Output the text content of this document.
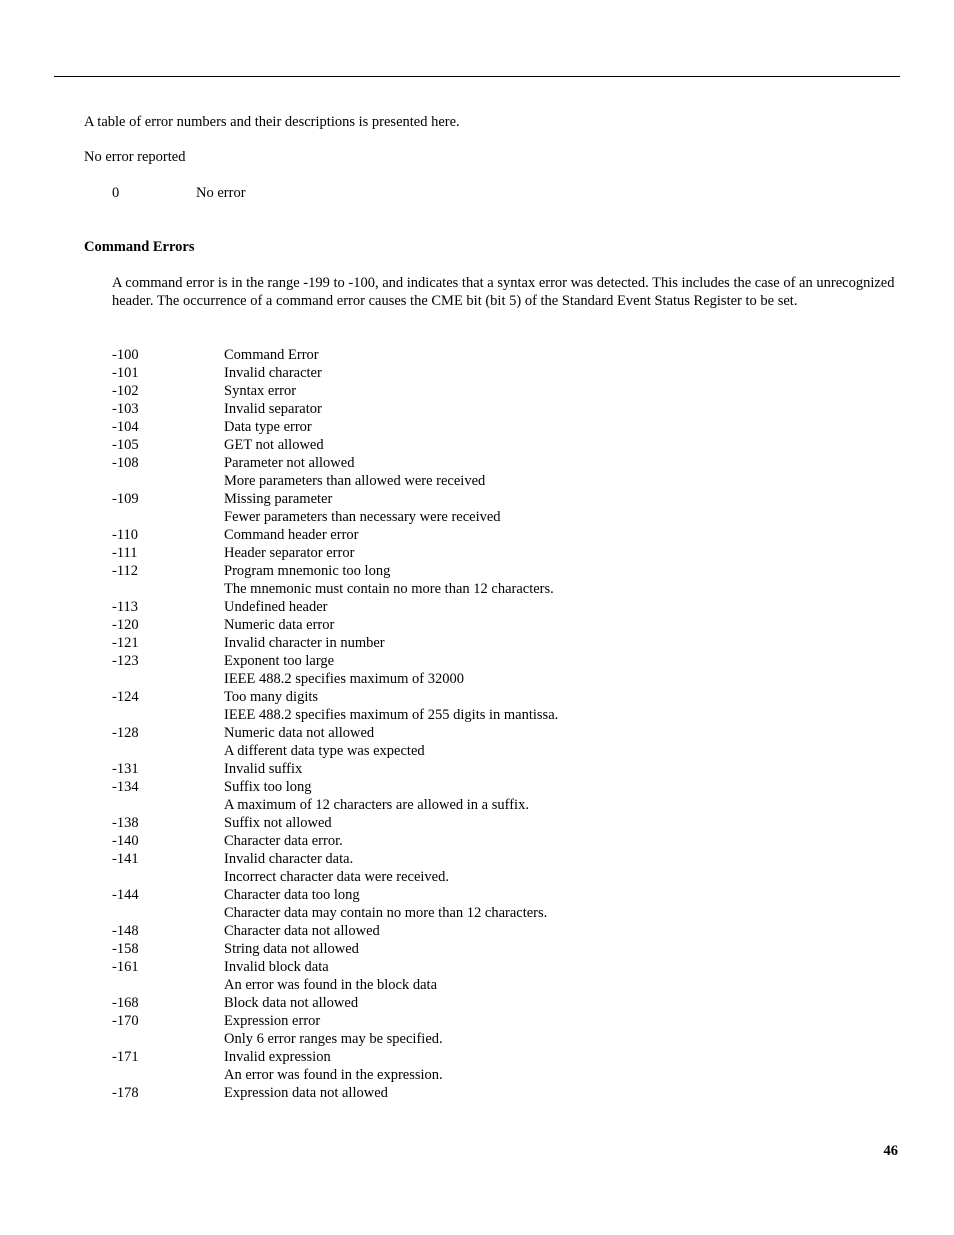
A table of error numbers and their descriptions is presented here.
No error reported
0	No error
Command Errors
A command error is in the range -199 to -100, and indicates that a syntax error was detected. This includes the case of an unrecognized header. The occurrence of a command error causes the CME bit (bit 5) of the Standard Event Status Register to be set.
-100	Command Error
-101	Invalid character
-102	Syntax error
-103	Invalid separator
-104	Data type error
-105	GET not allowed
-108	Parameter not allowed
More parameters than allowed were received
-109	Missing parameter
Fewer parameters than necessary were received
-110	Command header error
-111	Header separator error
-112	Program mnemonic too long
The mnemonic must contain no more than 12 characters.
-113	Undefined header
-120	Numeric data error
-121	Invalid character in number
-123	Exponent too large
IEEE 488.2 specifies maximum of 32000
-124	Too many digits
IEEE 488.2 specifies maximum of 255 digits in mantissa.
-128	Numeric data not allowed
A different data type was expected
-131	Invalid suffix
-134	Suffix too long
A maximum of 12 characters are allowed in a suffix.
-138	Suffix not allowed
-140	Character data error.
-141	Invalid character data.
Incorrect character data were received.
-144	Character data too long
Character data may contain no more than 12 characters.
-148	Character data not allowed
-158	String data not allowed
-161	Invalid block data
An error was found in the block data
-168	Block data not allowed
-170	Expression error
Only 6 error ranges may be specified.
-171	Invalid expression
An error was found in the expression.
-178	Expression data not allowed
46
